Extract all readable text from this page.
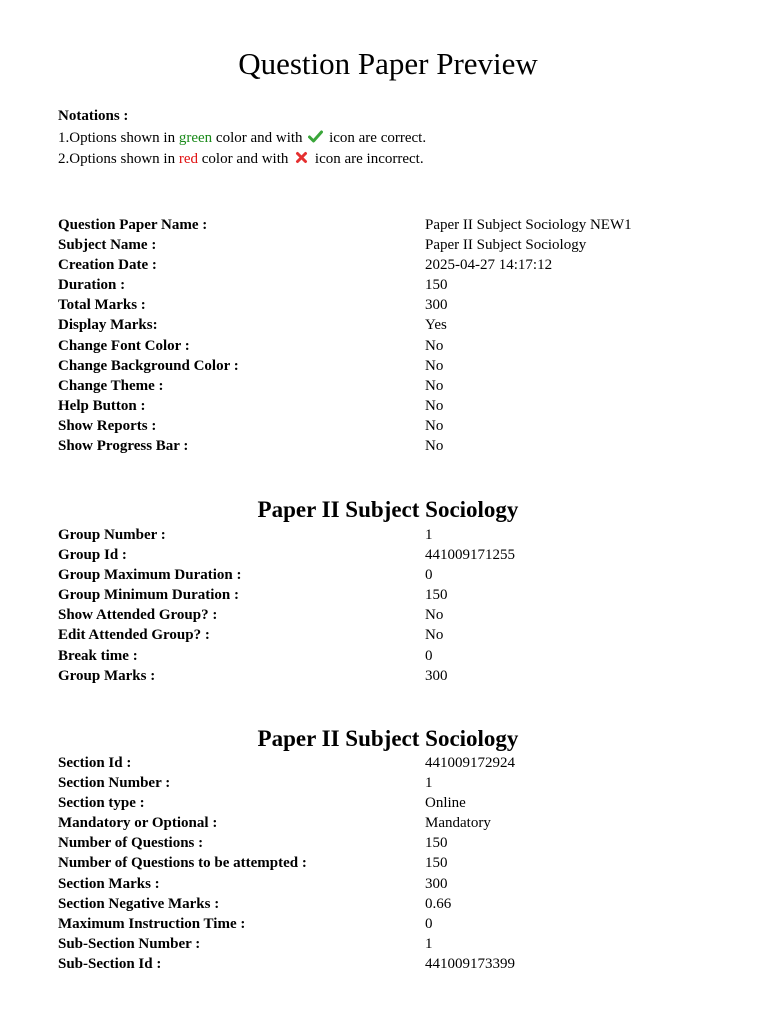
Question Paper Preview
Notations :
1.Options shown in green color and with  icon are correct.
2.Options shown in red color and with  icon are incorrect.
Question Paper Name :	Paper II Subject Sociology NEW1
Subject Name :	Paper II Subject Sociology
Creation Date :	2025-04-27 14:17:12
Duration :	150
Total Marks :	300
Display Marks:	Yes
Change Font Color :	No
Change Background Color :	No
Change Theme :	No
Help Button :	No
Show Reports :	No
Show Progress Bar :	No
Paper II Subject Sociology
Group Number :	1
Group Id :	441009171255
Group Maximum Duration :	0
Group Minimum Duration :	150
Show Attended Group? :	No
Edit Attended Group? :	No
Break time :	0
Group Marks :	300
Paper II Subject Sociology
Section Id :	441009172924
Section Number :	1
Section type :	Online
Mandatory or Optional :	Mandatory
Number of Questions :	150
Number of Questions to be attempted :	150
Section Marks :	300
Section Negative Marks :	0.66
Maximum Instruction Time :	0
Sub-Section Number :	1
Sub-Section Id :	441009173399
